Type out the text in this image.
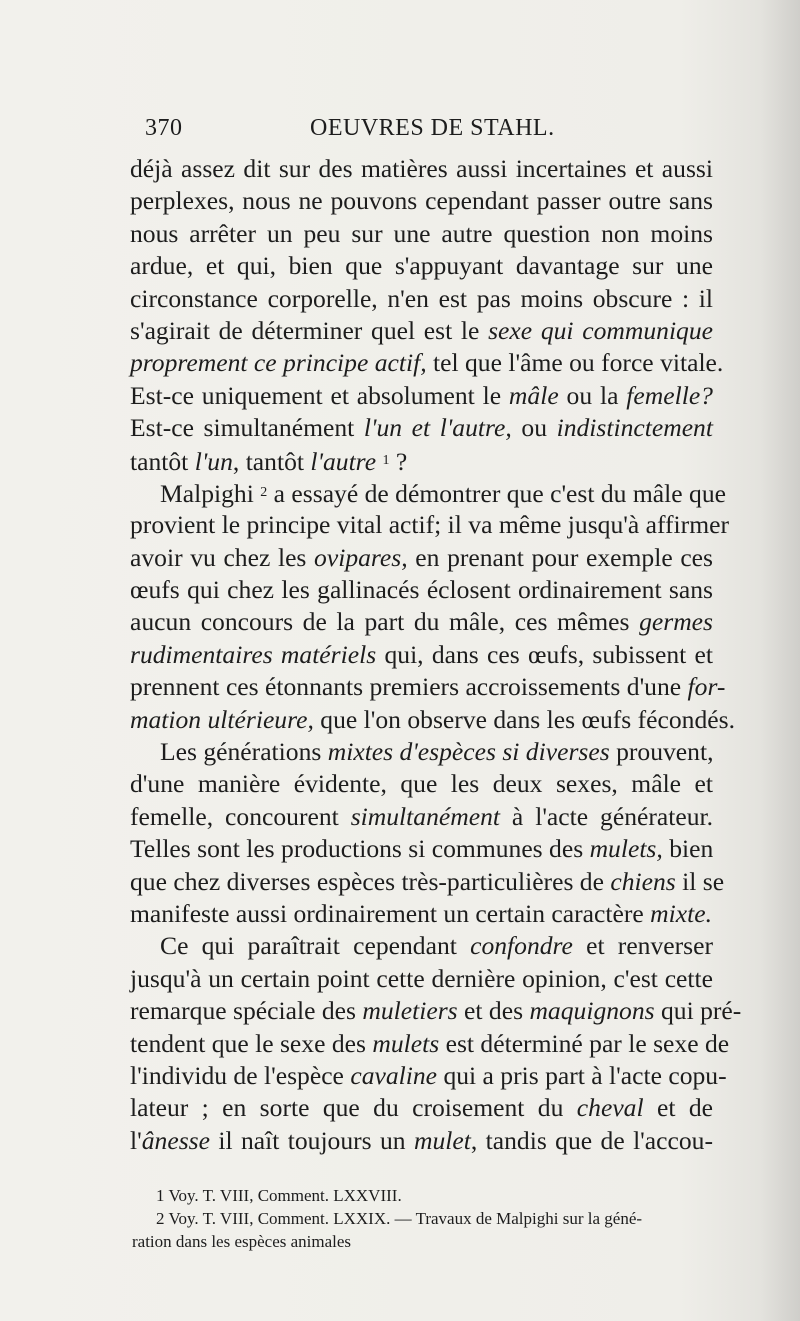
370	OEUVRES DE STAHL.
déjà assez dit sur des matières aussi incertaines et aussi
perplexes, nous ne pouvons cependant passer outre sans
nous arrêter un peu sur une autre question non moins
ardue, et qui, bien que s'appuyant davantage sur une
circonstance corporelle, n'en est pas moins obscure : il
s'agirait de déterminer quel est le sexe qui communique
proprement ce principe actif, tel que l'âme ou force vitale.
Est-ce uniquement et absolument le mâle ou la femelle?
Est-ce simultanément l'un et l'autre, ou indistinctement
tantôt l'un, tantôt l'autre $^1$ ?
Malpighi $^2$ a essayé de démontrer que c'est du mâle que
provient le principe vital actif; il va même jusqu'à affirmer
avoir vu chez les ovipares, en prenant pour exemple ces
œufs qui chez les gallinacés éclosent ordinairement sans
aucun concours de la part du mâle, ces mêmes germes
rudimentaires matériels qui, dans ces œufs, subissent et
prennent ces étonnants premiers accroissements d'une for-
mation ultérieure, que l'on observe dans les œufs fécondés.
Les générations mixtes d'espèces si diverses prouvent,
d'une manière évidente, que les deux sexes, mâle et
femelle, concourent simultanément à l'acte générateur.
Telles sont les productions si communes des mulets, bien
que chez diverses espèces très-particulières de chiens il se
manifeste aussi ordinairement un certain caractère mixte.
Ce qui paraîtrait cependant confondre et renverser
jusqu'à un certain point cette dernière opinion, c'est cette
remarque spéciale des muletiers et des maquignons qui pré-
tendent que le sexe des mulets est déterminé par le sexe de
l'individu de l'espèce cavaline qui a pris part à l'acte copu-
lateur ; en sorte que du croisement du cheval et de
l'ânesse il naît toujours un mulet, tandis que de l'accou-
1 Voy. T. VIII, Comment. LXXVIII.
2 Voy. T. VIII, Comment. LXXIX. — Travaux de Malpighi sur la géné-
ration dans les espèces animales
